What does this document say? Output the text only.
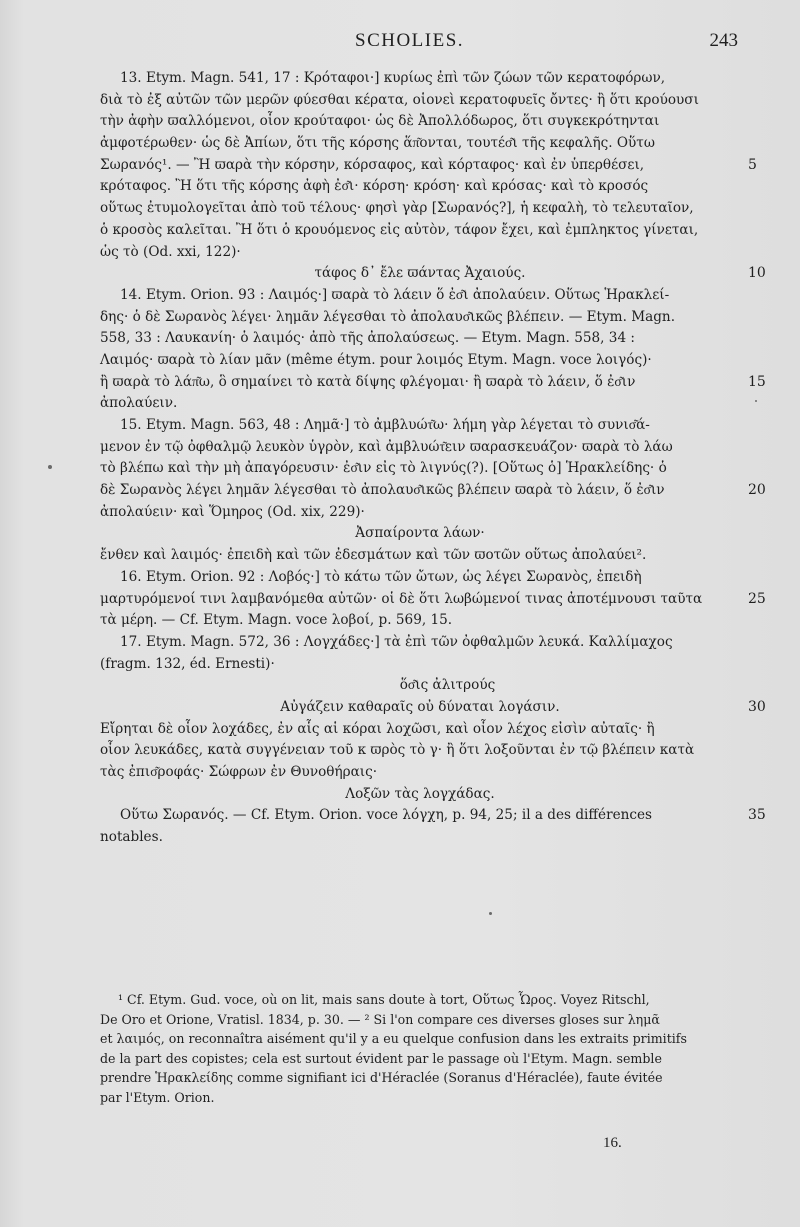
SCHOLIES.	243
13. Etym. Magn. 541, 17 : Κρόταφοι·] κυρίως ἐπὶ τῶν ζώων τῶν κερατοφόρων,
διὰ τὸ ἐξ αὐτῶν τῶν μερῶν φύεσθαι κέρατα, οἱονεὶ κερατοφυεῖς ὄντες· ἢ ὅτι κρούουσι
τὴν ἀφὴν ϖαλλόμενοι, οἷον κρούταφοι· ὡς δὲ Ἀπολλόδωρος, ὅτι συγκεκρότηνται
ἀμφοτέρωθεν· ὡς δὲ Ἀπίων, ὅτι τῆς κόρσης ἅπ͂ονται, τουτέσ͂ι τῆς κεφαλῆς. Οὕτω
Σωρανός¹. — Ἢ ϖαρὰ τὴν κόρσην, κόρσαφος, καὶ κόρταφος· καὶ ἐν ὑπερθέσει,	5
κρόταφος. Ἢ ὅτι τῆς κόρσης ἀφὴ ἐσ͂ι· κόρση· κρόση· καὶ κρόσας· καὶ τὸ κροσός
οὕτως ἐτυμολογεῖται ἀπὸ τοῦ τέλους· φησὶ γὰρ [Σωρανός?], ἡ κεφαλὴ, τὸ τελευταῖον,
ὁ κροσὸς καλεῖται. Ἢ ὅτι ὁ κρουόμενος εἰς αὐτὸν, τάφον ἔχει, καὶ ἐμπληκτος γίνεται,
ὡς τὸ (Od. xxi, 122)·
τάφος δ᾽ ἔλε ϖάντας Ἀχαιούς.	10
14. Etym. Orion. 93 : Λαιμός·] ϖαρὰ τὸ λάειν ὅ ἐσ͂ι ἀπολαύειν. Οὕτως Ἡρακλεί-
δης· ὁ δὲ Σωρανὸς λέγει· λημᾶν λέγεσθαι τὸ ἀπολαυσ͂ικῶς βλέπειν. — Etym. Magn.
558, 33 : Λαυκανίη· ὁ λαιμός· ἀπὸ τῆς ἀπολαύσεως. — Etym. Magn. 558, 34 :
Λαιμός· ϖαρὰ τὸ λίαν μᾶν (même étym. pour λοιμός Etym. Magn. voce λοιγός)·
ἢ ϖαρὰ τὸ λάπ͂ω, ὃ σημαίνει τὸ κατὰ δίψης φλέγομαι· ἢ ϖαρὰ τὸ λάειν, ὅ ἐσ͂ιν	15
ἀπολαύειν.
15. Etym. Magn. 563, 48 : Λημᾶ·] τὸ ἀμβλυώτ͂ω· λήμη γὰρ λέγεται τὸ συνισ͂ά-
μενον ἐν τῷ ὀφθαλμῷ λευκὸν ὑγρὸν, καὶ ἀμβλυώτ͂ειν ϖαρασκευάζον· ϖαρὰ τὸ λάω
τὸ βλέπω καὶ τὴν μὴ ἀπαγόρευσιν· ἐσ͂ιν εἰς τὸ λιγνύς(?). [Οὕτως ὁ] Ἡρακλείδης· ὁ
δὲ Σωρανὸς λέγει λημᾶν λέγεσθαι τὸ ἀπολαυσ͂ικῶς βλέπειν ϖαρὰ τὸ λάειν, ὅ ἐσ͂ιν	20
ἀπολαύειν· καὶ Ὅμηρος (Od. xix, 229)·
Ἀσπαίροντα λάων·
ἔνθεν καὶ λαιμός· ἐπειδὴ καὶ τῶν ἐδεσμάτων καὶ τῶν ϖοτῶν οὕτως ἀπολαύει².
16. Etym. Orion. 92 : Λοβός·] τὸ κάτω τῶν ὤτων, ὡς λέγει Σωρανὸς, ἐπειδὴ
μαρτυρόμενοί τινι λαμβανόμεθα αὐτῶν· οἱ δὲ ὅτι λωβώμενοί τινας ἀποτέμνουσι ταῦτα	25
τὰ μέρη. — Cf. Etym. Magn. voce λοβοί, p. 569, 15.
17. Etym. Magn. 572, 36 : Λογχάδες·] τὰ ἐπὶ τῶν ὀφθαλμῶν λευκά. Καλλίμαχος
(fragm. 132, éd. Ernesti)·
ὅσ͂ις ἀλιτρούς
Αὐγάζειν καθαραῖς οὐ δύναται λογάσιν.	30
Εἴρηται δὲ οἷον λοχάδες, ἐν αἷς αἱ κόραι λοχῶσι, καὶ οἷον λέχος εἰσὶν αὐταῖς· ἢ
οἷον λευκάδες, κατὰ συγγένειαν τοῦ κ ϖρὸς τὸ γ· ἢ ὅτι λοξοῦνται ἐν τῷ βλέπειν κατὰ
τὰς ἐπισ͂ροφάς· Σώφρων ἐν Θυνοθήραις·
Λοξῶν τὰς λογχάδας.
Οὕτω Σωρανός. — Cf. Etym. Orion. voce λόγχη, p. 94, 25; il a des différences	35
notables.
¹ Cf. Etym. Gud. voce, où on lit, mais sans doute à tort, Οὕτως Ὧρος. Voyez Ritschl,
De Oro et Orione, Vratisl. 1834, p. 30. — ² Si l'on compare ces diverses gloses sur λημᾶ
et λαιμός, on reconnaîtra aisément qu'il y a eu quelque confusion dans les extraits primitifs
de la part des copistes; cela est surtout évident par le passage où l'Etym. Magn. semble
prendre Ἡρακλείδης comme signifiant ici d'Héraclée (Soranus d'Héraclée), faute évitée
par l'Etym. Orion.
16.
